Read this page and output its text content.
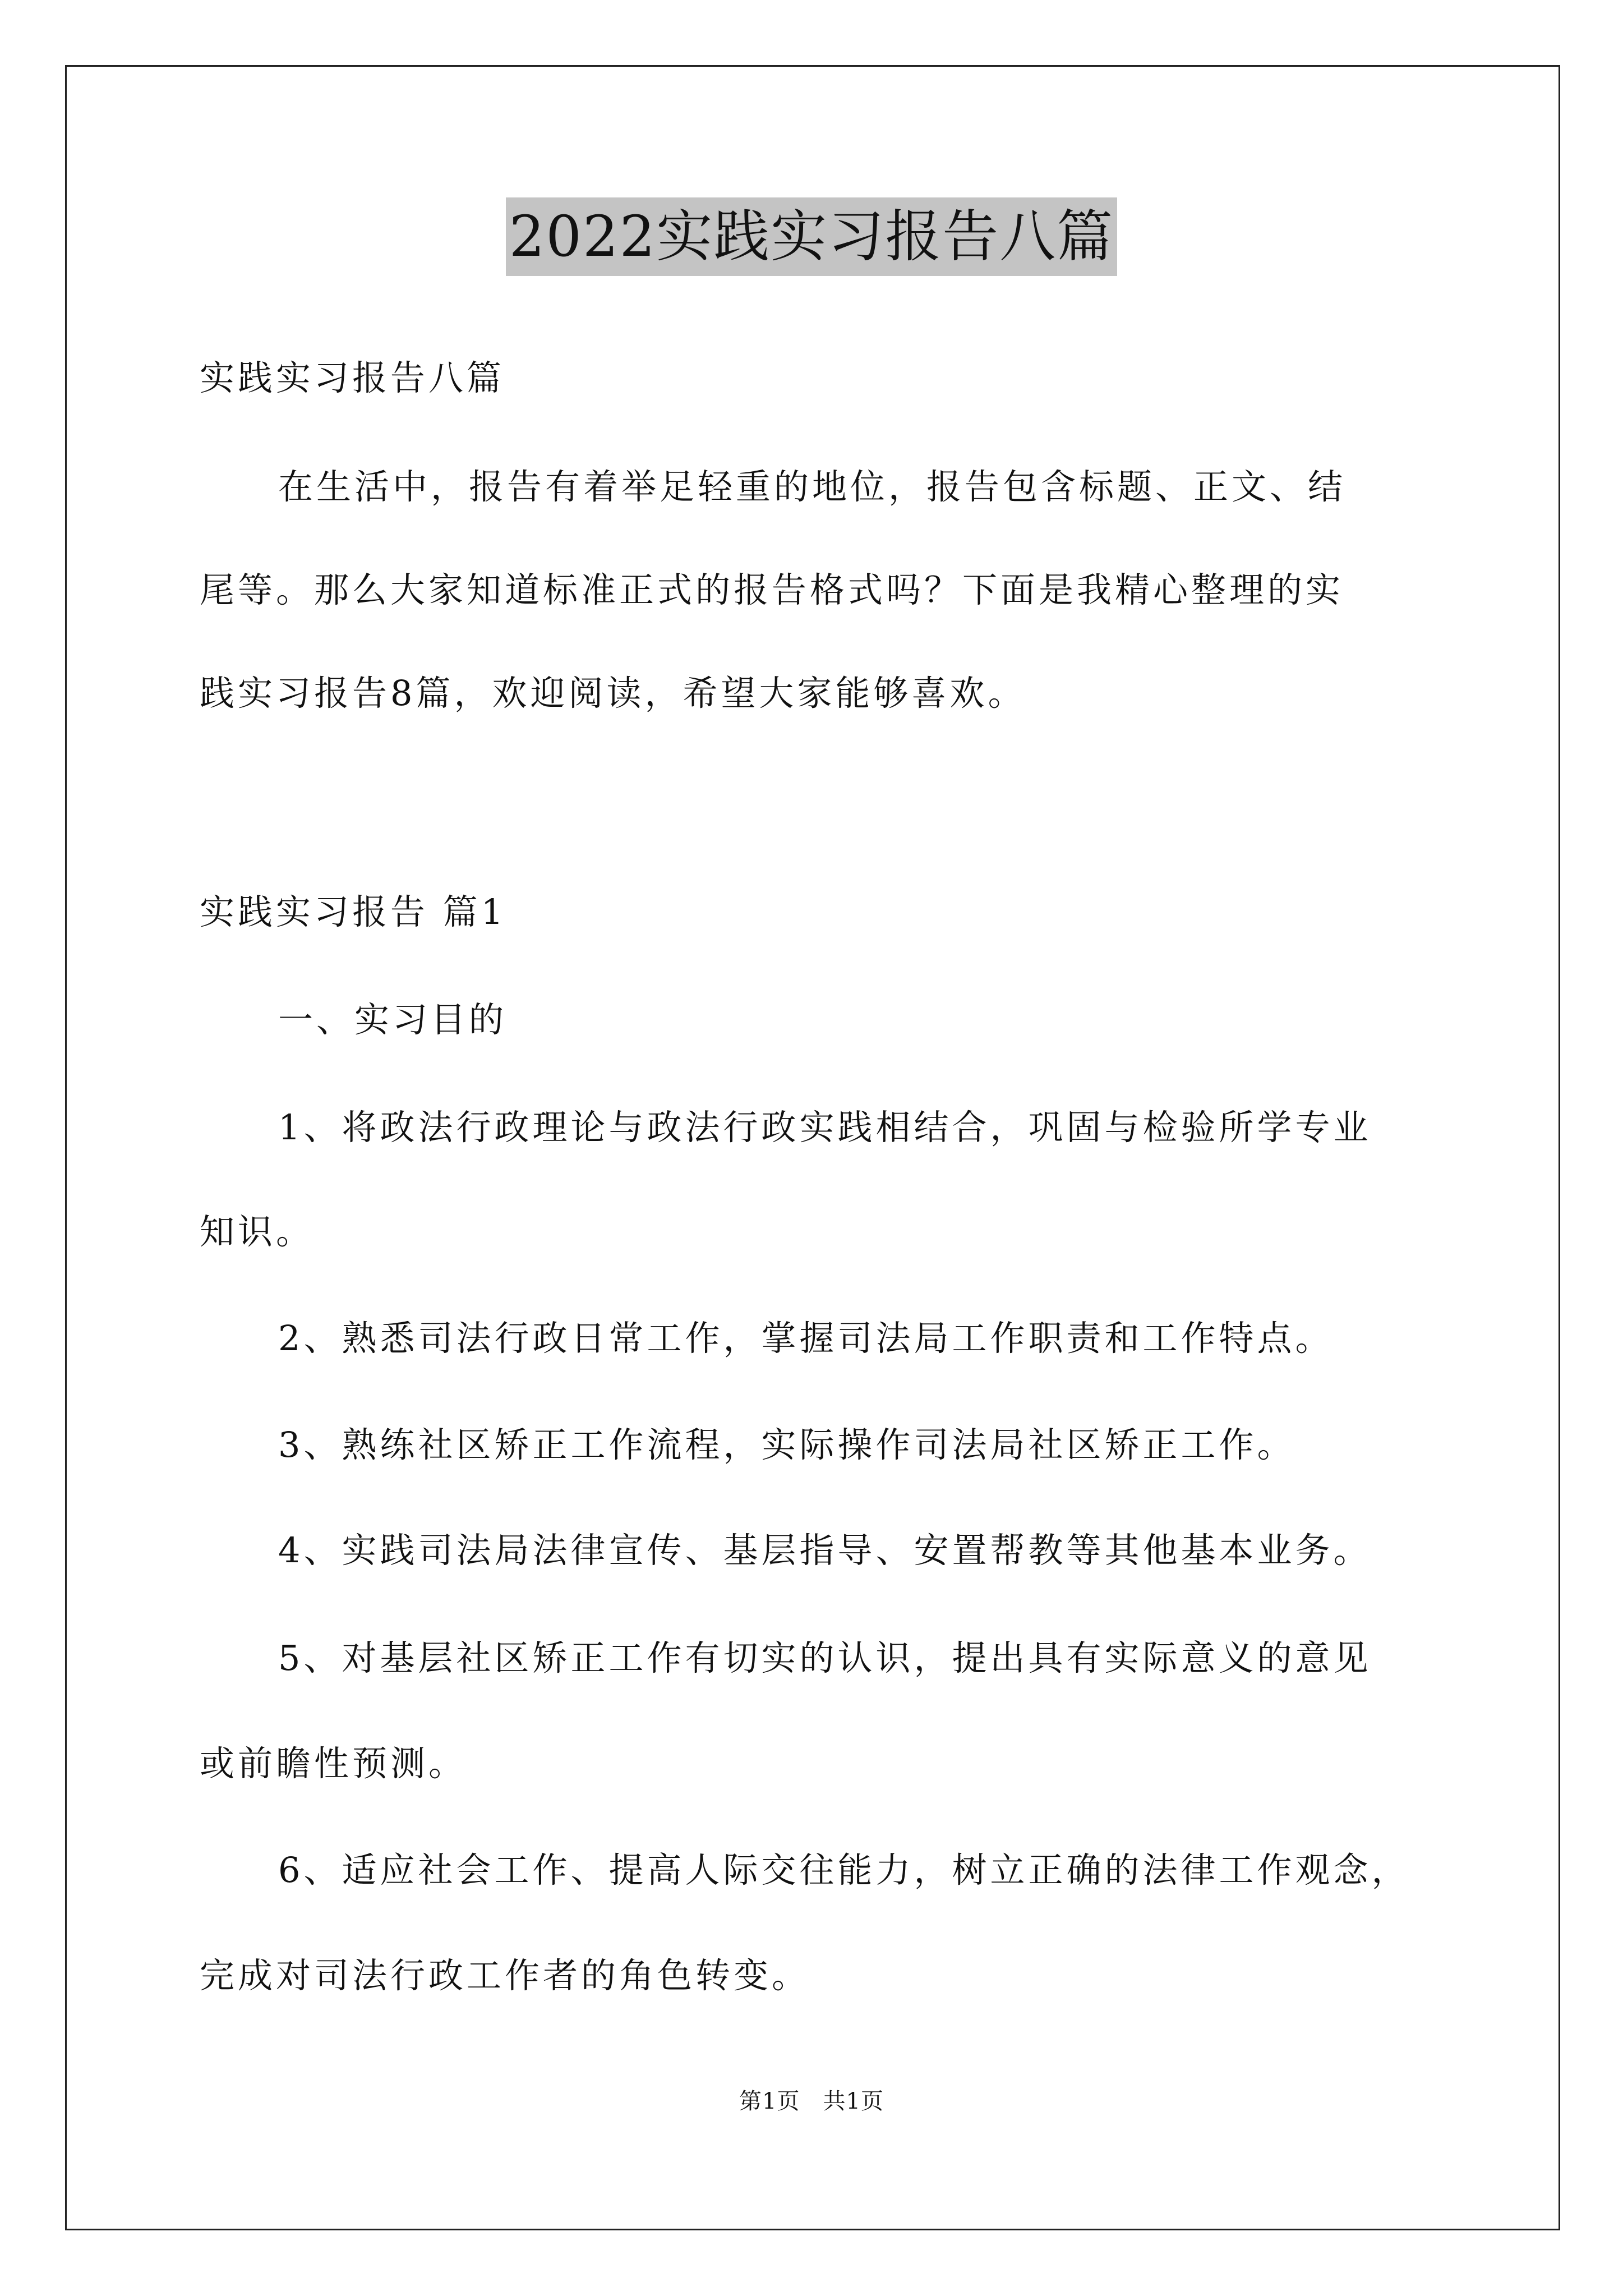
2022实践实习报告八篇
实践实习报告八篇
在生活中，报告有着举足轻重的地位，报告包含标题、正文、结
尾等。那么大家知道标准正式的报告格式吗？下面是我精心整理的实
践实习报告8篇，欢迎阅读，希望大家能够喜欢。
实践实习报告 篇1
一、实习目的
1、将政法行政理论与政法行政实践相结合，巩固与检验所学专业
知识。
2、熟悉司法行政日常工作，掌握司法局工作职责和工作特点。
3、熟练社区矫正工作流程，实际操作司法局社区矫正工作。
4、实践司法局法律宣传、基层指导、安置帮教等其他基本业务。
5、对基层社区矫正工作有切实的认识，提出具有实际意义的意见
或前瞻性预测。
6、适应社会工作、提高人际交往能力，树立正确的法律工作观念，
完成对司法行政工作者的角色转变。
第1页　共1页
